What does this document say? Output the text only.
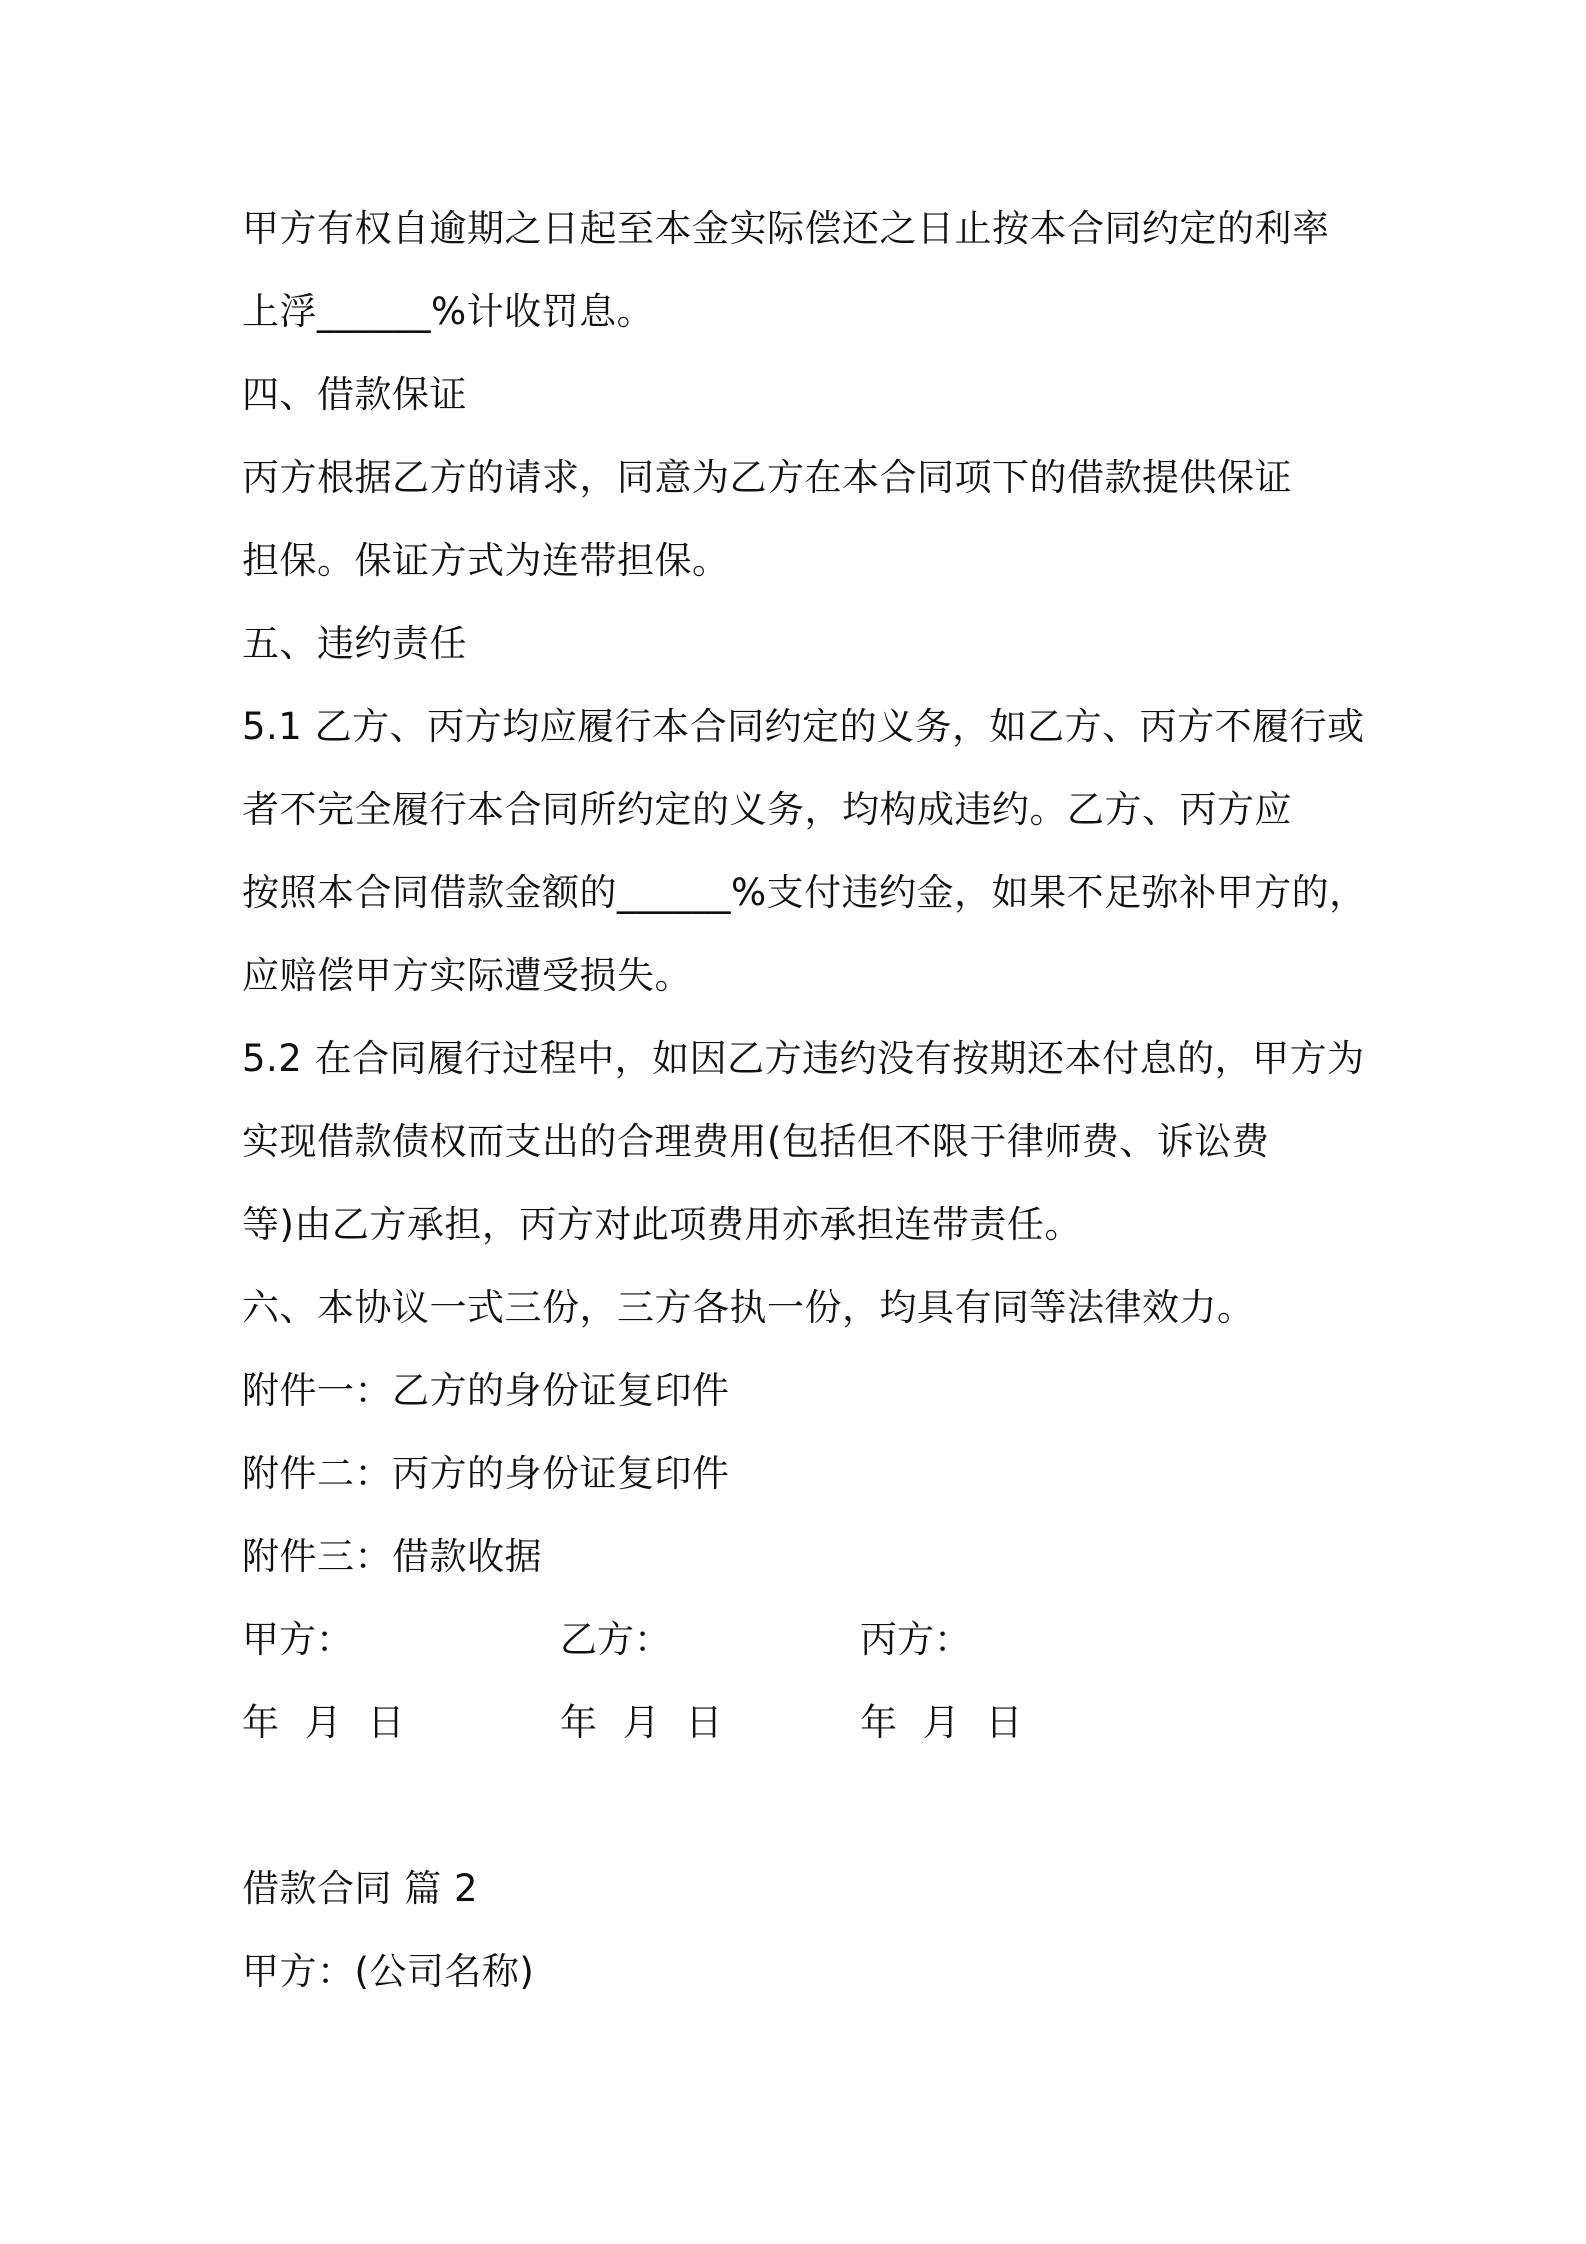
甲方有权自逾期之日起至本金实际偿还之日止按本合同约定的利率
上浮______%计收罚息。
四、借款保证
丙方根据乙方的请求，同意为乙方在本合同项下的借款提供保证
担保。保证方式为连带担保。
五、违约责任
5.1 乙方、丙方均应履行本合同约定的义务，如乙方、丙方不履行或
者不完全履行本合同所约定的义务，均构成违约。乙方、丙方应
按照本合同借款金额的______%支付违约金，如果不足弥补甲方的，
应赔偿甲方实际遭受损失。
5.2 在合同履行过程中，如因乙方违约没有按期还本付息的，甲方为
实现借款债权而支出的合理费用(包括但不限于律师费、诉讼费
等)由乙方承担，丙方对此项费用亦承担连带责任。
六、本协议一式三份，三方各执一份，均具有同等法律效力。
附件一：乙方的身份证复印件
附件二：丙方的身份证复印件
附件三：借款收据
甲方：	乙方：	丙方：
年 月 日	年 月 日	年 月 日
借款合同 篇 2
甲方：(公司名称)
